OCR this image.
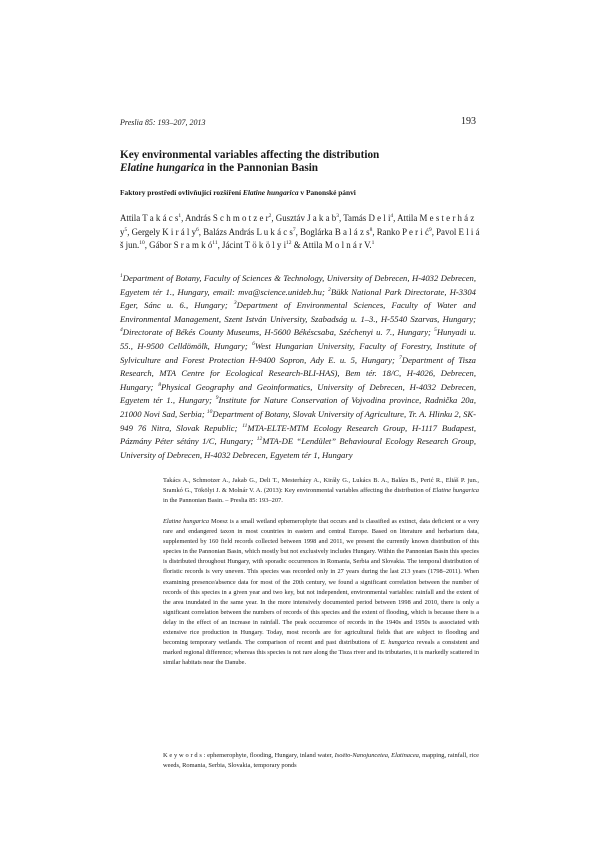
Preslia 85: 193–207, 2013	193
Key environmental variables affecting the distribution
Elatine hungarica in the Pannonian Basin
Faktory prostředí ovlivňující rozšíření Elatine hungarica v Panonské pánvi
Attila T a k á c $s^1$, András S c h m o t z e $r^2$, Gusztáv J a k a $b^3$, Tamás D e l $i^4$, Attila M e s t e r h á z $y^5$, Gergely K i r á l $y^6$, Balázs András L u k á c $s^7$, Boglárka B a l á z $s^8$, Ranko P e r i $ć^9$, Pavol E l i á š jun.$^{10}$, Gábor S r a m k $ó^{11}$, Jácint T ö k ö l y $i^{12}$ & Attila M o l n á r V.$^1$
$^1$Department of Botany, Faculty of Sciences & Technology, University of Debrecen, H-4032 Debrecen, Egyetem tér 1., Hungary, email: mva@science.unideb.hu; $^2$Bükk National Park Directorate, H-3304 Eger, Sánc u. 6., Hungary; $^3$Department of Environmental Sciences, Faculty of Water and Environmental Management, Szent István University, Szabadság u. 1–3., H-5540 Szarvas, Hungary; $^4$Directorate of Békés County Museums, H-5600 Békéscsaba, Széchenyi u. 7., Hungary; $^5$Hunyadi u. 55., H-9500 Celldömölk, Hungary; $^6$West Hungarian University, Faculty of Forestry, Institute of Sylviculture and Forest Protection H-9400 Sopron, Ady E. u. 5, Hungary; $^7$Department of Tisza Research, MTA Centre for Ecological Research-BLI-HAS), Bem tér. 18/C, H-4026, Debrecen, Hungary; $^8$Physical Geography and Geoinformatics, University of Debrecen, H-4032 Debrecen, Egyetem tér 1., Hungary; $^9$Institute for Nature Conservation of Vojvodina province, Radnička 20a, 21000 Novi Sad, Serbia; $^{10}$Department of Botany, Slovak University of Agriculture, Tr. A. Hlinku 2, SK-949 76 Nitra, Slovak Republic; $^{11}$MTA-ELTE-MTM Ecology Research Group, H-1117 Budapest, Pázmány Péter sétány 1/C, Hungary; $^{12}$MTA-DE “Lendület” Behavioural Ecology Research Group, University of Debrecen, H-4032 Debrecen, Egyetem tér 1, Hungary
Takács A., Schmotzer A., Jakab G., Deli T., Mesterházy A., Király G., Lukács B. A., Balázs B., Perić R., Eliáš P. jun., Sramkó G., Tökölyi J. & Molnár V. A. (2013): Key environmental variables affecting the distribution of Elatine hungarica in the Pannonian Basin. – Preslia 85: 193–207.
Elatine hungarica Moesz is a small wetland ephemerophyte that occurs and is classified as extinct, data deficient or a very rare and endangered taxon in most countries in eastern and central Europe. Based on literature and herbarium data, supplemented by 160 field records collected between 1998 and 2011, we present the currently known distribution of this species in the Pannonian Basin, which mostly but not exclusively includes Hungary. Within the Pannonian Basin this species is distributed throughout Hungary, with sporadic occurrences in Romania, Serbia and Slovakia. The temporal distribution of floristic records is very uneven. This species was recorded only in 27 years during the last 213 years (1798–2011). When examining presence/absence data for most of the 20th century, we found a significant correlation between the number of records of this species in a given year and two key, but not independent, environmental variables: rainfall and the extent of the area inundated in the same year. In the more intensively documented period between 1998 and 2010, there is only a significant correlation between the numbers of records of this species and the extent of flooding, which is because there is a delay in the effect of an increase in rainfall. The peak occurrence of records in the 1940s and 1950s is associated with extensive rice production in Hungary. Today, most records are for agricultural fields that are subject to flooding and becoming temporary wetlands. The comparison of recent and past distributions of E. hungarica reveals a consistent and marked regional difference; whereas this species is not rare along the Tisza river and its tributaries, it is markedly scattered in similar habitats near the Danube.
Keywords: ephemerophyte, flooding, Hungary, inland water, Isoëto-Nanojuncetea, Elatinacea, mapping, rainfall, rice weeds, Romania, Serbia, Slovakia, temporary ponds
